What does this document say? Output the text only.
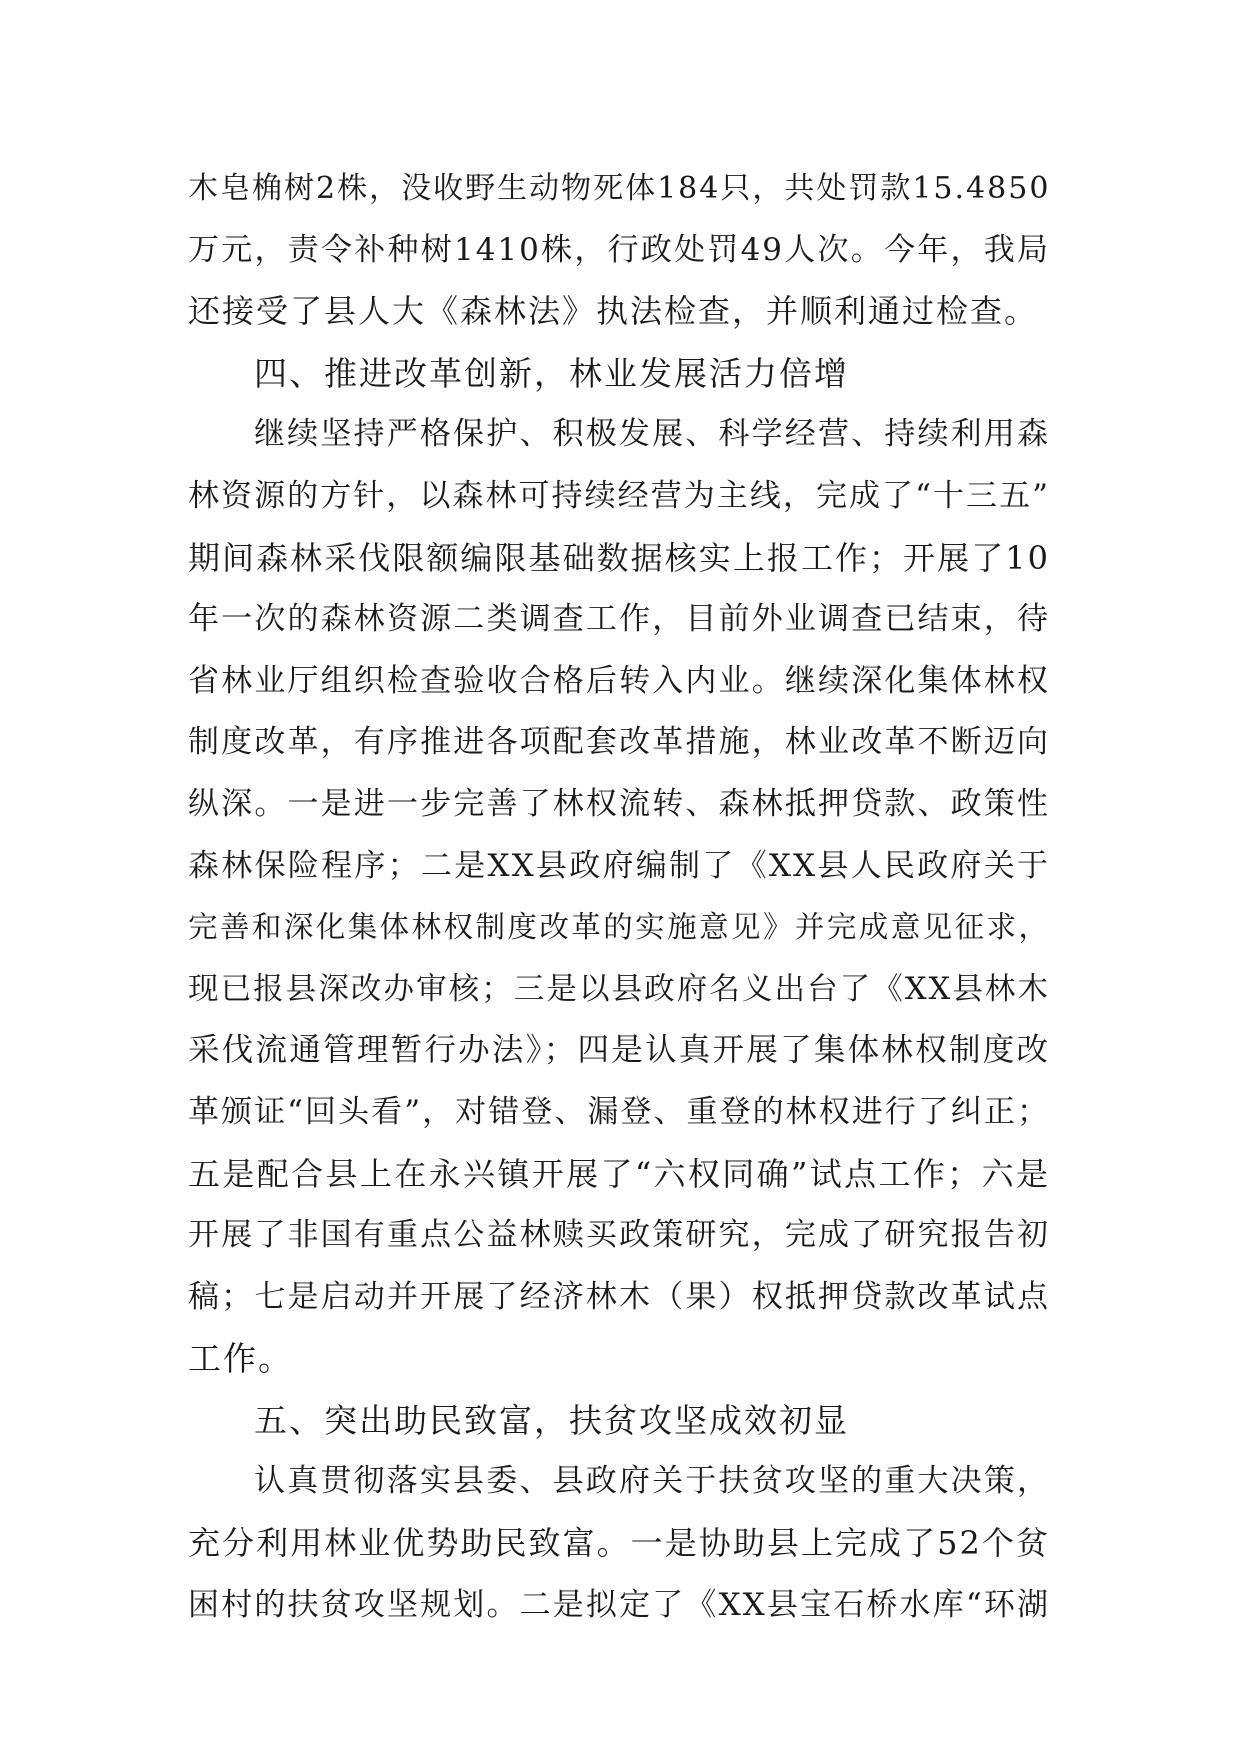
木皂桷树2株，没收野生动物死体184只，共处罚款15.4850
万元，责令补种树1410株，行政处罚49人次。今年，我局
还接受了县人大《森林法》执法检查，并顺利通过检查。
四、推进改革创新，林业发展活力倍增
继续坚持严格保护、积极发展、科学经营、持续利用森
林资源的方针，以森林可持续经营为主线，完成了“十三五”
期间森林采伐限额编限基础数据核实上报工作；开展了10
年一次的森林资源二类调查工作，目前外业调查已结束，待
省林业厅组织检查验收合格后转入内业。继续深化集体林权
制度改革，有序推进各项配套改革措施，林业改革不断迈向
纵深。一是进一步完善了林权流转、森林抵押贷款、政策性
森林保险程序；二是XX县政府编制了《XX县人民政府关于
完善和深化集体林权制度改革的实施意见》并完成意见征求，
现已报县深改办审核；三是以县政府名义出台了《XX县林木
采伐流通管理暂行办法》；四是认真开展了集体林权制度改
革颁证“回头看”，对错登、漏登、重登的林权进行了纠正；
五是配合县上在永兴镇开展了“六权同确”试点工作；六是
开展了非国有重点公益林赎买政策研究，完成了研究报告初
稿；七是启动并开展了经济林木（果）权抵押贷款改革试点
工作。
五、突出助民致富，扶贫攻坚成效初显
认真贯彻落实县委、县政府关于扶贫攻坚的重大决策，
充分利用林业优势助民致富。一是协助县上完成了52个贫
困村的扶贫攻坚规划。二是拟定了《XX县宝石桥水库“环湖
